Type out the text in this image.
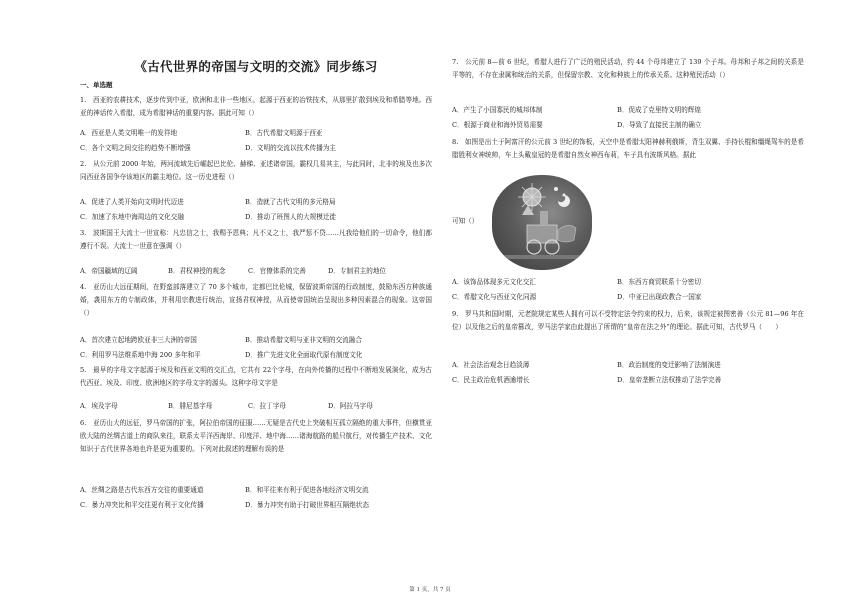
《古代世界的帝国与文明的交流》同步练习
一、单选题

1.　西亚的农耕技术，逐步传到中亚，欧洲和北非一些地区。起源于西亚的冶铁技术，从那里扩散到埃及和希腊等地。西亚的神话传入希腊，成为希腊神话的重要内容。据此可知（）

A．西亚是人类文明唯一的发祥地	B．古代希腊文明源于西亚
C．各个文明之间交往的趋势不断增强	D．文明的交流以技术传播为主

2.　从公元前 2000 年始，两河流域先后崛起巴比伦、赫梯、亚述诸帝国，霸权几易其主，与此同时，北非的埃及也多次同西亚各国争夺该地区的霸主地位。这一历史进程（）

A．促进了人类开始向文明时代迈进	B．造就了古代文明的多元格局
C．加速了东地中海周边的文化交融	D．推动了班图人的大规模迁徙

3.　波斯国王大流士一世宣称：凡忠信之士，我赐予恩典；凡不义之士，我严惩不贷……凡我给他们的一切命令，他们都遵行不误。大流士一世意在强调（）

A．帝国疆域的辽阔	B．君权神授的观念	C．官僚体系的完善	D．专制君主的地位

4.　亚历山大远征期间，在野蛮部落建立了 70 多个城市，定都巴比伦城，保留波斯帝国的行政制度，鼓励东西方种族通婚，袭用东方的专制政体，并利用宗教进行统治，宣扬君权神授，从而使帝国统治呈现出多种因素混合的现象。这帝国（）

A．首次建立起地跨欧亚非三大洲的帝国	B．推动希腊文明与亚非文明的交流融合
C．利用罗马法维系地中海 200 多年和平	D．推广先进文化全面取代原有制度文化

5.　最早的字母文字起源于埃及和西亚文明的交汇点，它共有 22个字母，在向外传播的过程中不断地发展演化，成为古代西亚、埃及、印度、欧洲地区的字母文字的源头。这种字母文字是

A．埃及字母	B．腓尼基字母	C．拉丁字母	D．阿拉马字母

6.　亚历山大的远征，罗马帝国的扩张，阿拉伯帝国的征服……无疑是古代史上突破相互孤立隔绝的重大事件，但横贯亚欧大陆的丝绸古道上的商队来往，联系太平洋西海岸、印度洋、地中海……诸海航路的船只航行，对传播生产技术、文化知识于古代世界各地也许是更为重要的。下列对此叙述的理解有误的是

A．丝绸之路是古代东西方交往的重要通道	B．和平往来有利于促进各地经济文明交流
C．暴力冲突比和平交往更有利于文化传播	D．暴力冲突有助于打破世界相互隔绝状态

7.　公元前 8—前 6 世纪，希腊人进行了广泛的殖民活动，约 44 个母邦建立了 139 个子邦。母邦和子邦之间的关系是平等的，不存在隶属和统治的关系，但保留宗教、文化和种族上的传承关系。这种殖民活动（）

A．产生了小国寡民的城邦体制	B．促成了克里特文明的辉煌
C．根源于商业和海外贸易需要	D．导致了直接民主制的确立

8.　如图是出土于阿富汗的公元前 3 世纪的饰板，天空中是希腊太阳神赫利俄斯，背生双翼、手持长棍和缰绳驾车的是希腊胜利女神统帅，车上头戴皇冠的是希腊自然女神西布莉，车子具有波斯风格。据此

可知（）

A．该饰品体现多元文化交汇	B．东西方商贸联系十分密切
C．希腊文化与西亚文化同源	D．中亚已出现政教合一国家

9.　罗马共和国时期，元老院规定某些人拥有可以不受特定法令约束的权力，后来，该规定被图密善（公元 81—96 年在位）以及他之后的皇帝篡改，罗马法学家由此提出了所谓的“皇帝在法之外”的理论。据此可知，古代罗马（　　）

A．社会法治观念日趋淡薄	B．政治制度的变迁影响了法制演进
C．民主政治危机酒逾增长	D．皇帝垄断立法权推动了法学完善
第 1 页，共 7 页
